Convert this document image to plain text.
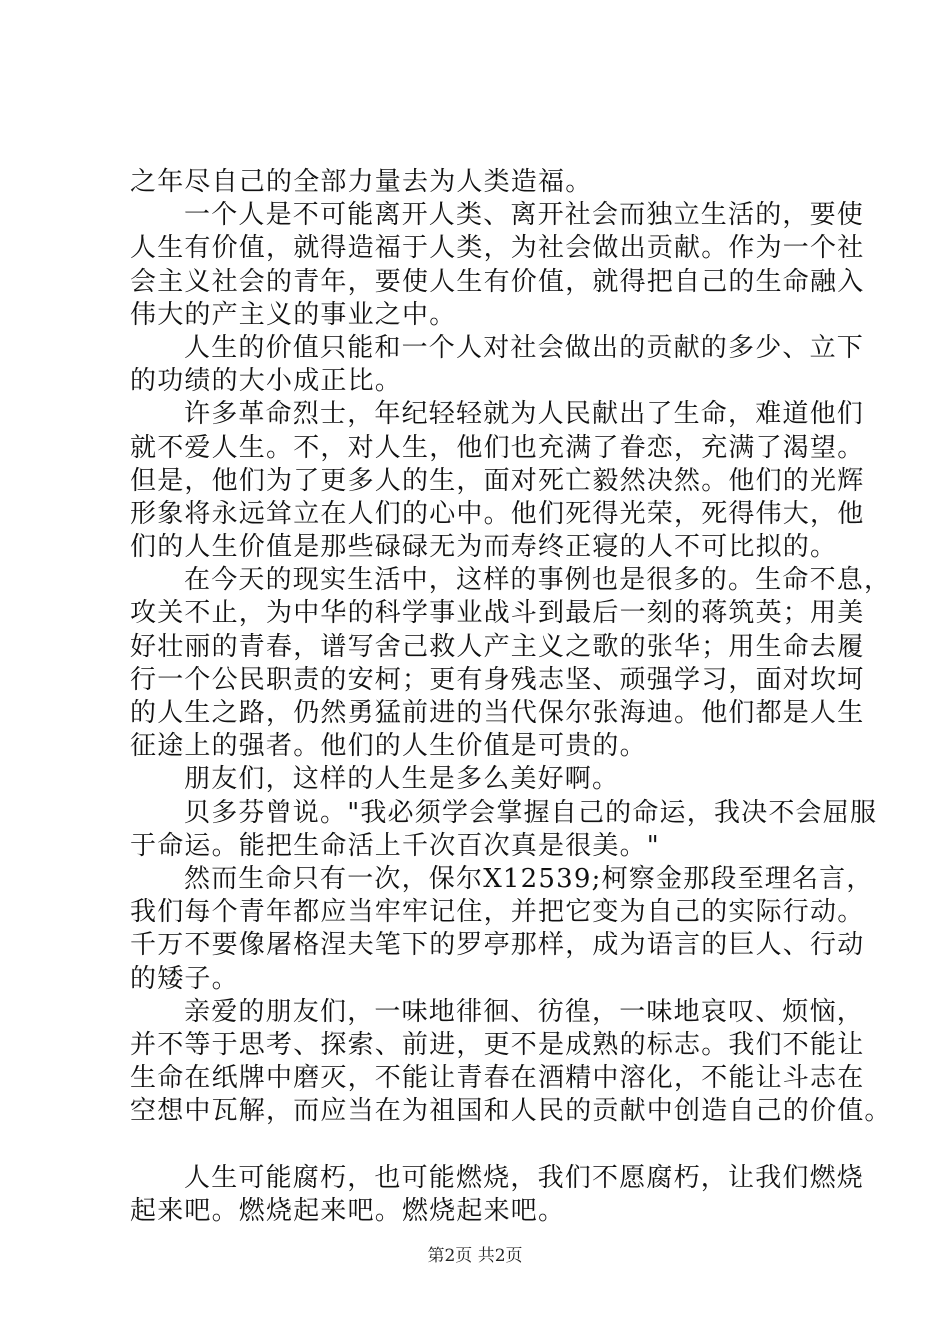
之年尽自己的全部力量去为人类造福。
一个人是不可能离开人类、离开社会而独立生活的，要使
人生有价值，就得造福于人类，为社会做出贡献。作为一个社
会主义社会的青年，要使人生有价值，就得把自己的生命融入
伟大的产主义的事业之中。
人生的价值只能和一个人对社会做出的贡献的多少、立下
的功绩的大小成正比。
许多革命烈士，年纪轻轻就为人民献出了生命，难道他们
就不爱人生。不，对人生，他们也充满了眷恋，充满了渴望。
但是，他们为了更多人的生，面对死亡毅然决然。他们的光辉
形象将永远耸立在人们的心中。他们死得光荣，死得伟大，他
们的人生价值是那些碌碌无为而寿终正寝的人不可比拟的。
在今天的现实生活中，这样的事例也是很多的。生命不息，
攻关不止，为中华的科学事业战斗到最后一刻的蒋筑英；用美
好壮丽的青春，谱写舍己救人产主义之歌的张华；用生命去履
行一个公民职责的安柯；更有身残志坚、顽强学习，面对坎坷
的人生之路，仍然勇猛前进的当代保尔张海迪。他们都是人生
征途上的强者。他们的人生价值是可贵的。
朋友们，这样的人生是多么美好啊。
贝多芬曾说。"我必须学会掌握自己的命运，我决不会屈服
于命运。能把生命活上千次百次真是很美。"
然而生命只有一次，保尔X12539;柯察金那段至理名言，
我们每个青年都应当牢牢记住，并把它变为自己的实际行动。
千万不要像屠格涅夫笔下的罗亭那样，成为语言的巨人、行动
的矮子。
亲爱的朋友们，一味地徘徊、彷徨，一味地哀叹、烦恼，
并不等于思考、探索、前进，更不是成熟的标志。我们不能让
生命在纸牌中磨灭，不能让青春在酒精中溶化，不能让斗志在
空想中瓦解，而应当在为祖国和人民的贡献中创造自己的价值。
人生可能腐朽，也可能燃烧，我们不愿腐朽，让我们燃烧
起来吧。燃烧起来吧。燃烧起来吧。
第2页 共2页
